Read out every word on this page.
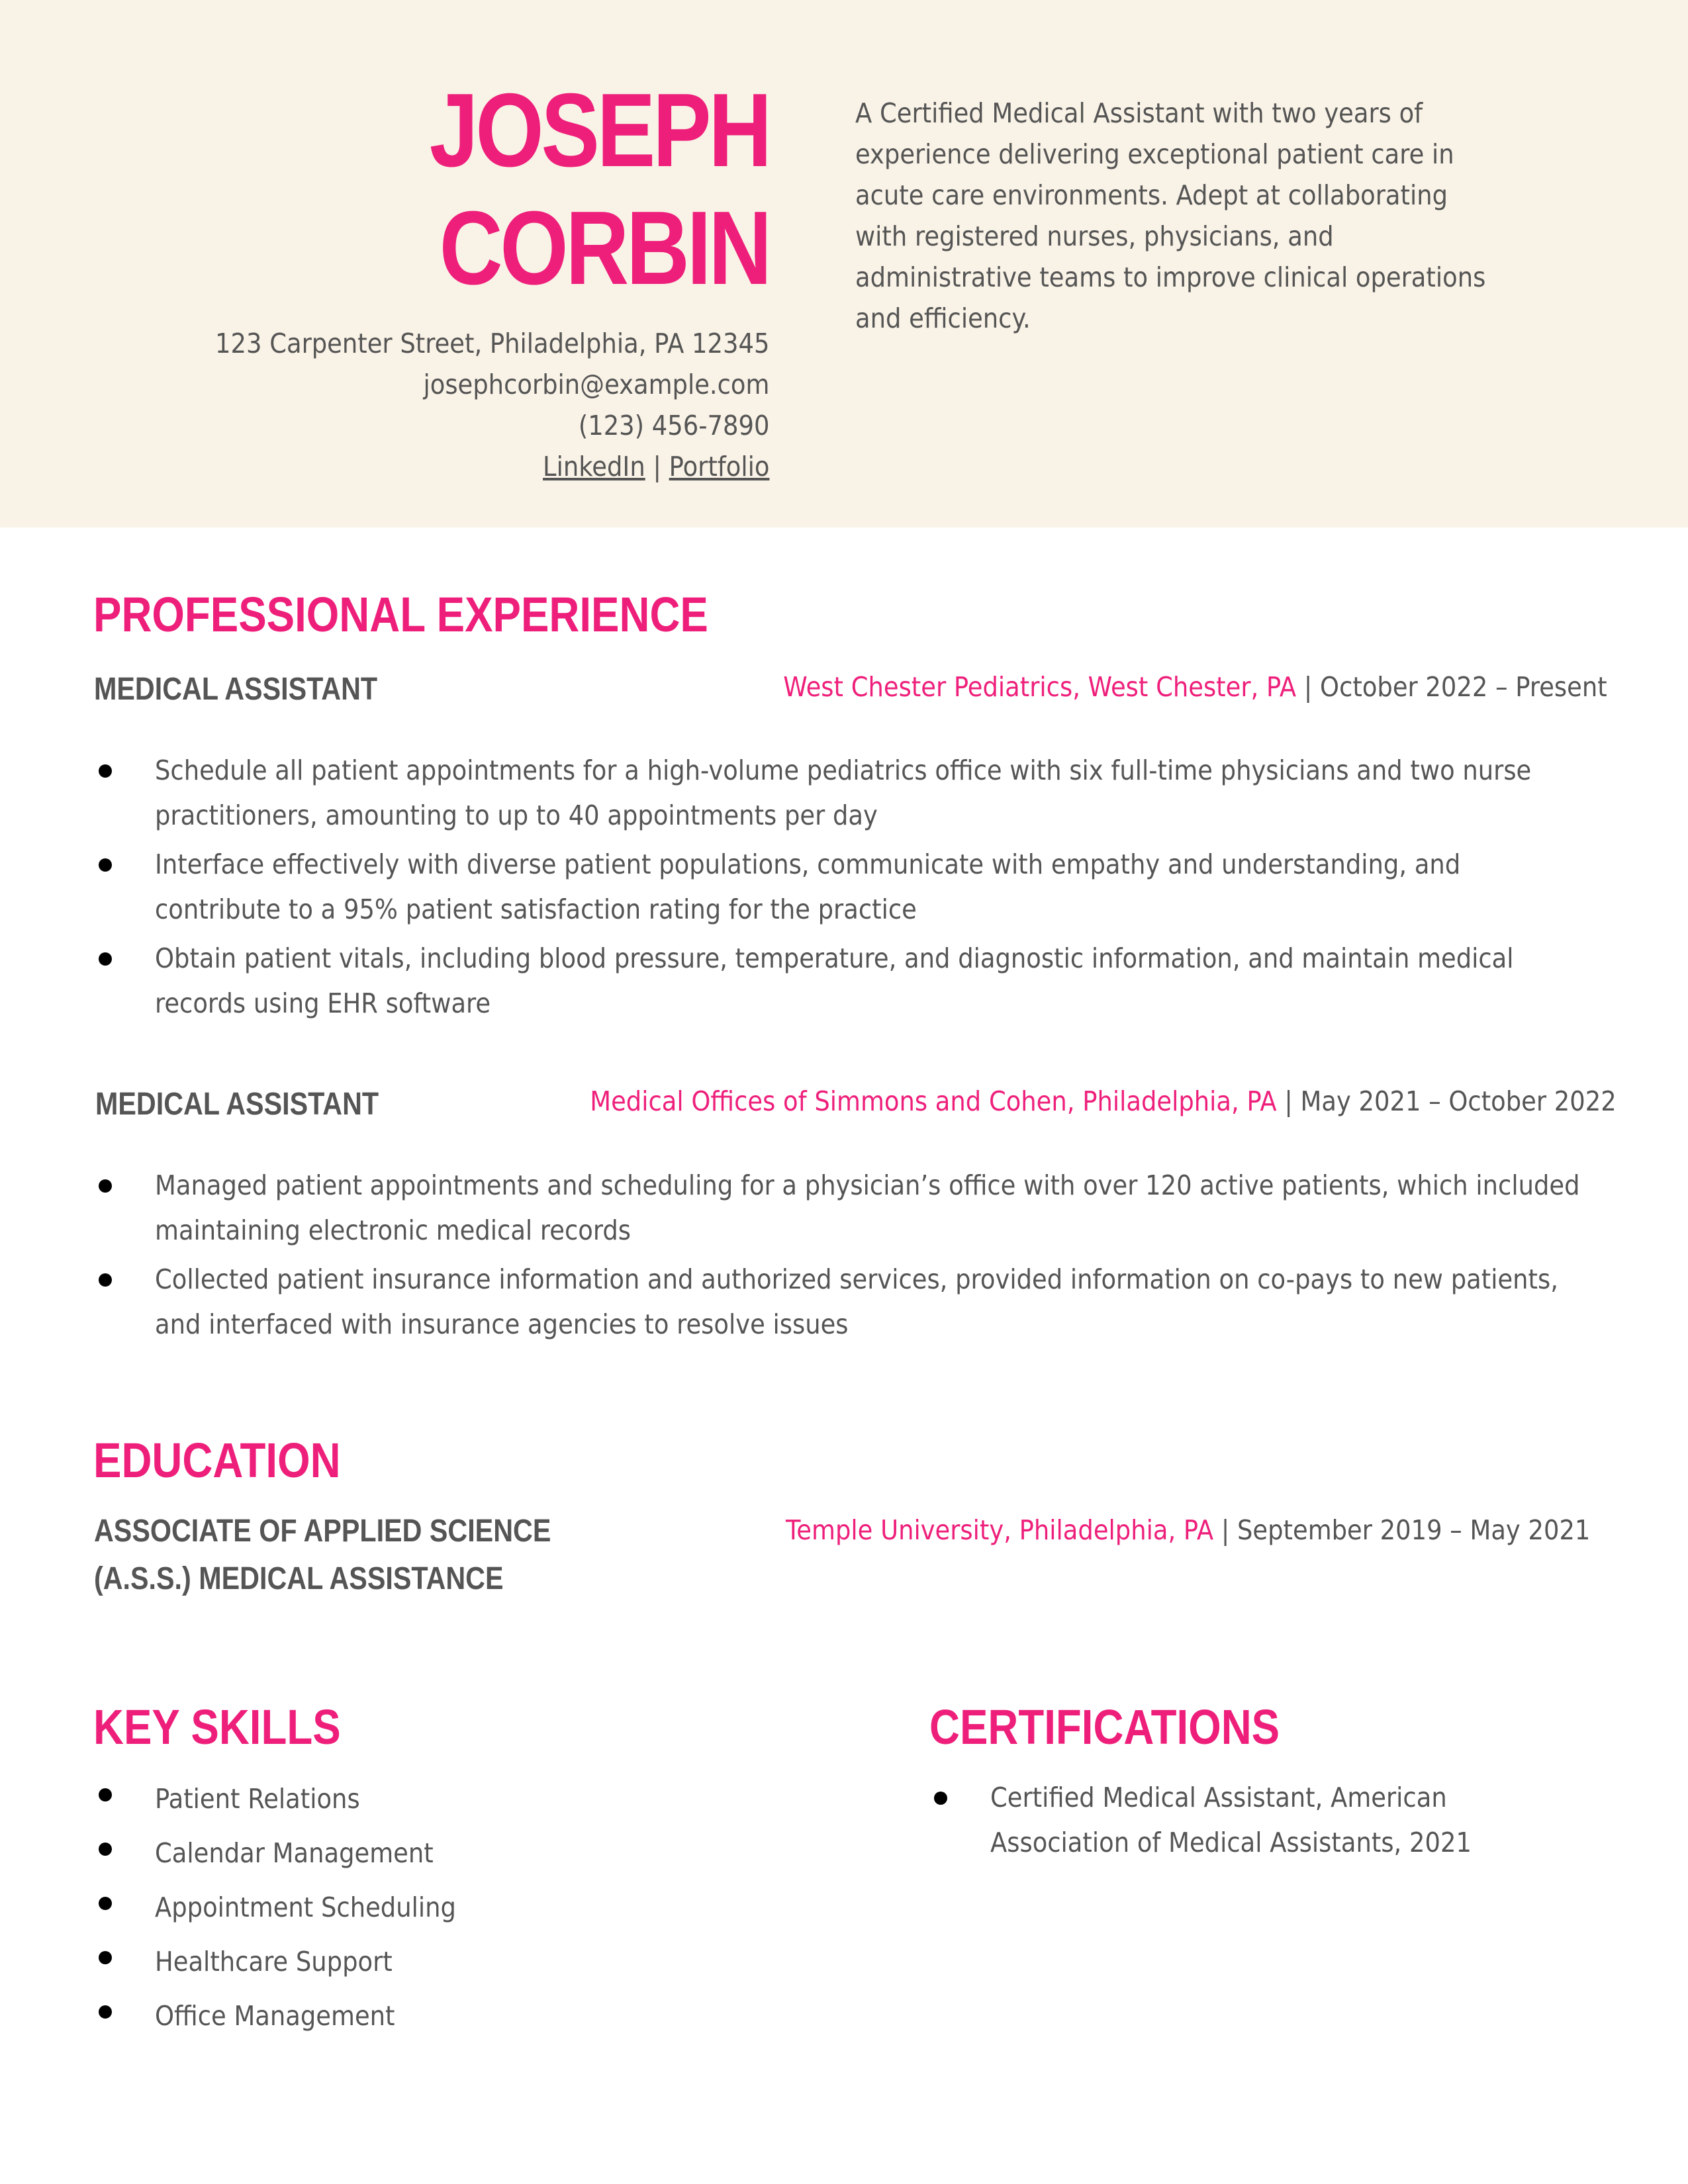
JOSEPH
CORBIN
123 Carpenter Street, Philadelphia, PA 12345
josephcorbin@example.com
(123) 456-7890
LinkedIn | Portfolio
A Certified Medical Assistant with two years of
experience delivering exceptional patient care in
acute care environments. Adept at collaborating
with registered nurses, physicians, and
administrative teams to improve clinical operations
and efficiency.
PROFESSIONAL EXPERIENCE
MEDICAL ASSISTANT	West Chester Pediatrics, West Chester, PA | October 2022 – Present
Schedule all patient appointments for a high-volume pediatrics office with six full-time physicians and two nurse
practitioners, amounting to up to 40 appointments per day
Interface effectively with diverse patient populations, communicate with empathy and understanding, and
contribute to a 95% patient satisfaction rating for the practice
Obtain patient vitals, including blood pressure, temperature, and diagnostic information, and maintain medical
records using EHR software
MEDICAL ASSISTANT	Medical Offices of Simmons and Cohen, Philadelphia, PA | May 2021 – October 2022
Managed patient appointments and scheduling for a physician’s office with over 120 active patients, which included
maintaining electronic medical records
Collected patient insurance information and authorized services, provided information on co-pays to new patients,
and interfaced with insurance agencies to resolve issues
EDUCATION
ASSOCIATE OF APPLIED SCIENCE
(A.S.S.) MEDICAL ASSISTANCE
Temple University, Philadelphia, PA | September 2019 – May 2021
KEY SKILLS
Patient Relations
Calendar Management
Appointment Scheduling
Healthcare Support
Office Management
CERTIFICATIONS
Certified Medical Assistant, American
Association of Medical Assistants, 2021
